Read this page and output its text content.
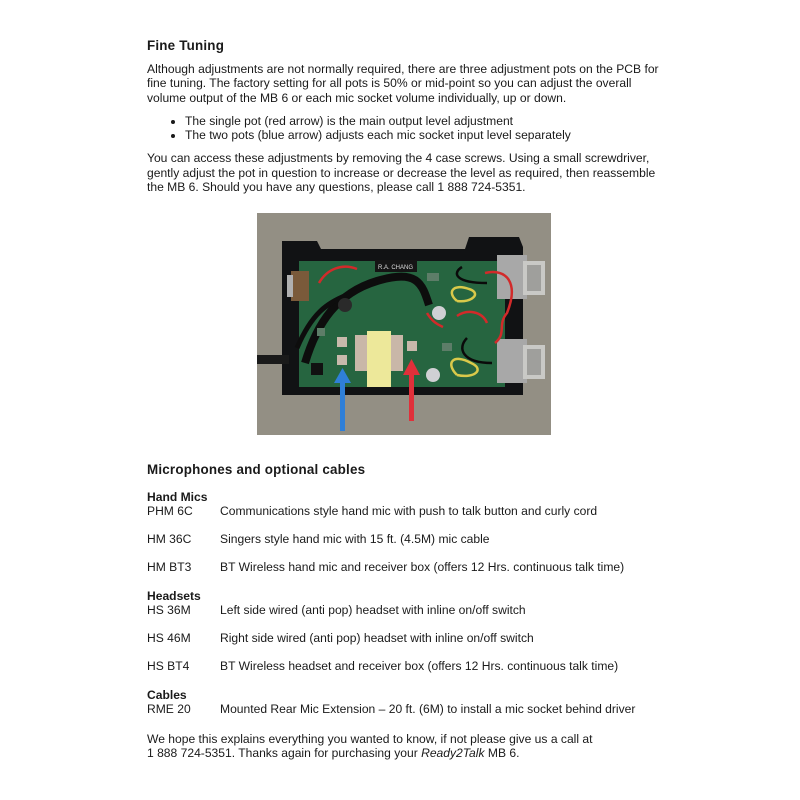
Fine Tuning

Although adjustments are not normally required, there are three adjustment pots on the PCB for fine tuning. The factory setting for all pots is 50% or mid-point so you can adjust the overall volume output of the MB 6 or each mic socket volume individually, up or down.

• The single pot (red arrow) is the main output level adjustment
• The two pots (blue arrow) adjusts each mic socket input level separately

You can access these adjustments by removing the 4 case screws. Using a small screwdriver, gently adjust the pot in question to increase or decrease the level as required, then reassemble the MB 6. Should you have any questions, please call 1 888 724-5351.

R.A. CHANG
Microphones and optional cables
Hand Mics
PHM 6C	Communications style hand mic with push to talk button and curly cord
HM 36C	Singers style hand mic with 15 ft. (4.5M) mic cable
HM BT3	BT Wireless hand mic and receiver box (offers 12 Hrs. continuous talk time)
Headsets
HS 36M	Left side wired (anti pop) headset with inline on/off switch
HS 46M	Right side wired (anti pop) headset with inline on/off switch
HS BT4	BT Wireless headset and receiver box (offers 12 Hrs. continuous talk time)
Cables
RME 20	Mounted Rear Mic Extension – 20 ft. (6M) to install a mic socket behind driver

We hope this explains everything you wanted to know, if not please give us a call at

1 888 724-5351. Thanks again for purchasing your Ready2Talk MB 6.
